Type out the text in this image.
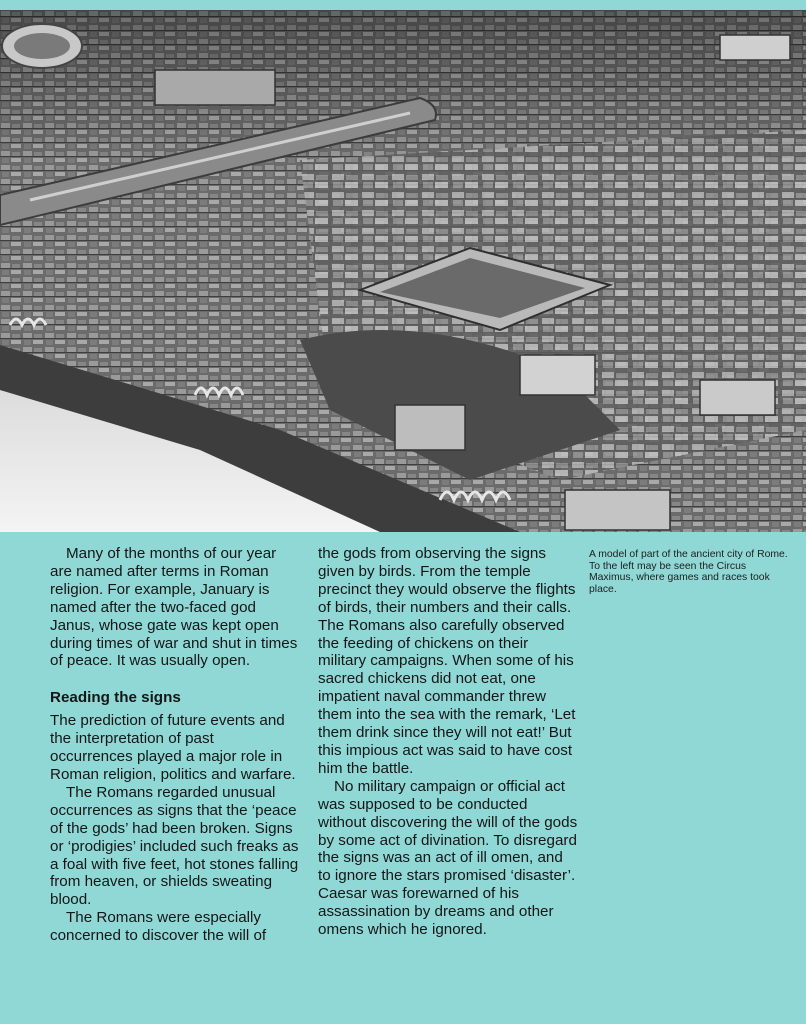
Many of the months of our year are named after terms in Roman religion. For example, January is named after the two-faced god Janus, whose gate was kept open during times of war and shut in times of peace. It was usually open.

Reading the signs

The prediction of future events and the interpretation of past occurrences played a major role in Roman religion, politics and warfare.

The Romans regarded unusual occurrences as signs that the ‘peace of the gods’ had been broken. Signs or ‘prodigies’ included such freaks as a foal with five feet, hot stones falling from heaven, or shields sweating blood.

The Romans were especially concerned to discover the will of

the gods from observing the signs given by birds. From the temple precinct they would observe the flights of birds, their numbers and their calls. The Romans also carefully observed the feeding of chickens on their military campaigns. When some of his sacred chickens did not eat, one impatient naval commander threw them into the sea with the remark, ‘Let them drink since they will not eat!’ But this impious act was said to have cost him the battle.

No military campaign or official act was supposed to be conducted without discovering the will of the gods by some act of divination. To disregard the signs was an act of ill omen, and to ignore the stars promised ‘disaster’. Caesar was forewarned of his assassination by dreams and other omens which he ignored.

A model of part of the ancient city of Rome. To the left may be seen the Circus Maximus, where games and races took place.
